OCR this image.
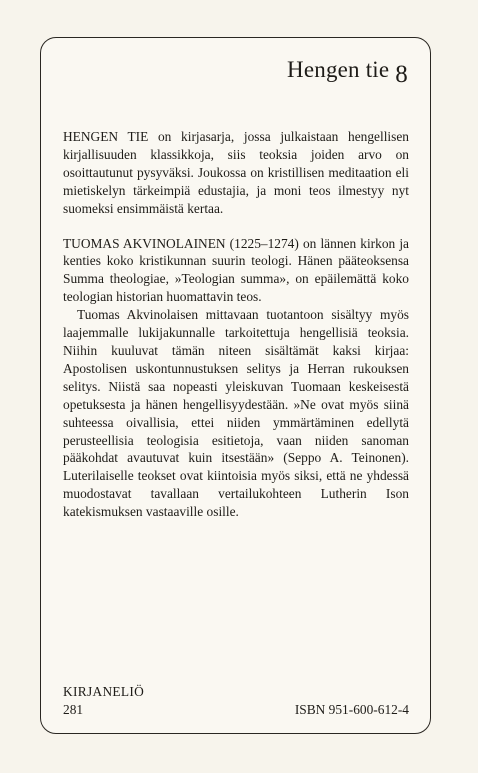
Hengen tie 8

HENGEN TIE on kirjasarja, jossa julkaistaan hengellisen kirjallisuuden klassikkoja, siis teoksia joiden arvo on osoittautunut pysyväksi. Joukossa on kristillisen meditaation eli mietiskelyn tärkeimpiä edustajia, ja moni teos ilmestyy nyt suomeksi ensimmäistä kertaa.

TUOMAS AKVINOLAINEN (1225–1274) on lännen kirkon ja kenties koko kristikunnan suurin teologi. Hänen pääteoksensa Summa theologiae, »Teologian summa», on epäilemättä koko teologian historian huomattavin teos.

Tuomas Akvinolaisen mittavaan tuotantoon sisältyy myös laajemmalle lukijakunnalle tarkoitettuja hengellisiä teoksia. Niihin kuuluvat tämän niteen sisältämät kaksi kirjaa: Apostolisen uskontunnustuksen selitys ja Herran rukouksen selitys. Niistä saa nopeasti yleiskuvan Tuomaan keskeisestä opetuksesta ja hänen hengellisyydestään. »Ne ovat myös siinä suhteessa oivallisia, ettei niiden ymmärtäminen edellytä perusteellisia teologisia esitietoja, vaan niiden sanoman pääkohdat avautuvat kuin itsestään» (Seppo A. Teinonen). Luterilaiselle teokset ovat kiintoisia myös siksi, että ne yhdessä muodostavat tavallaan vertailukohteen Lutherin Ison katekismuksen vastaaville osille.

KIRJANELIÖ
281	ISBN 951-600-612-4
